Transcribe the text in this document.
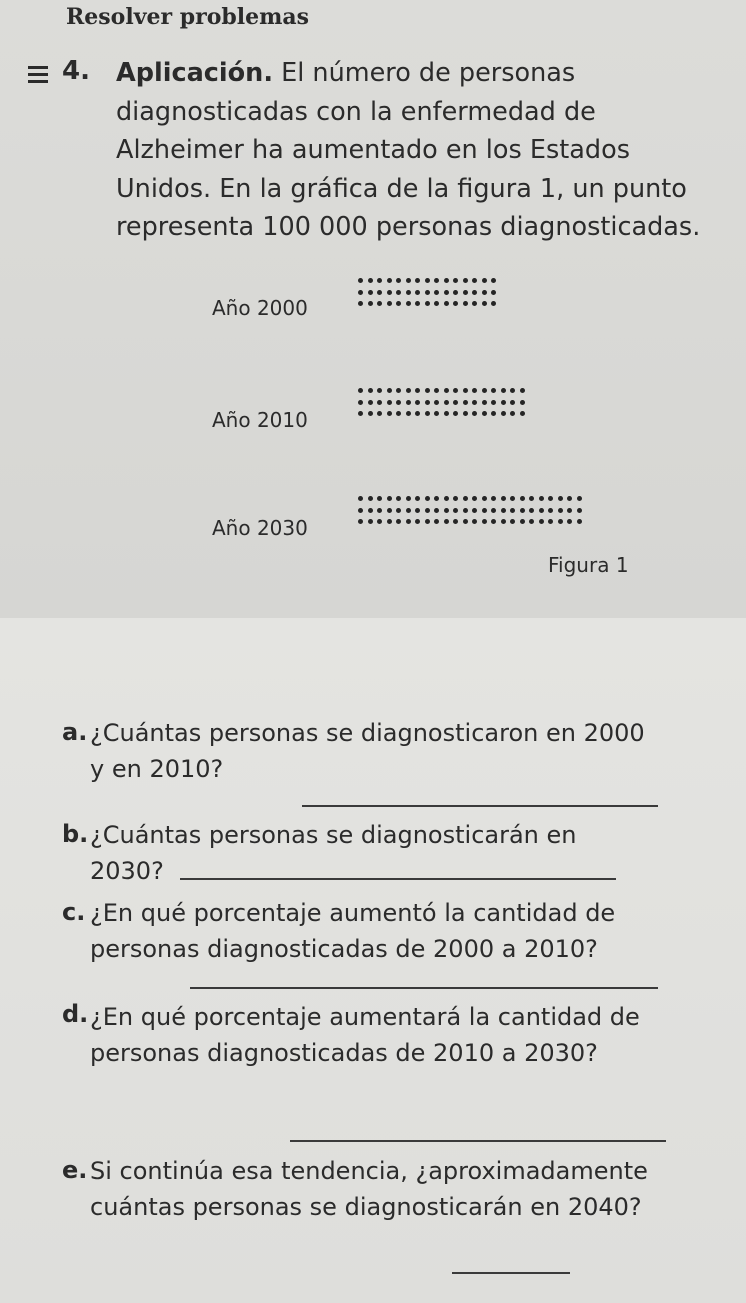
Resolver problemas
4. Aplicación. El número de personas diagnosticadas con la enfermedad de Alzheimer ha aumentado en los Estados Unidos. En la gráfica de la figura 1, un punto representa 100 000 personas diagnosticadas.
Año 2000
Año 2010
Año 2030
Figura 1
a. ¿Cuántas personas se diagnosticaron en 2000 y en 2010?
b. ¿Cuántas personas se diagnosticarán en 2030?
c. ¿En qué porcentaje aumentó la cantidad de personas diagnosticadas de 2000 a 2010?
d. ¿En qué porcentaje aumentará la cantidad de personas diagnosticadas de 2010 a 2030?
e. Si continúa esa tendencia, ¿aproximadamente cuántas personas se diagnosticarán en 2040?
